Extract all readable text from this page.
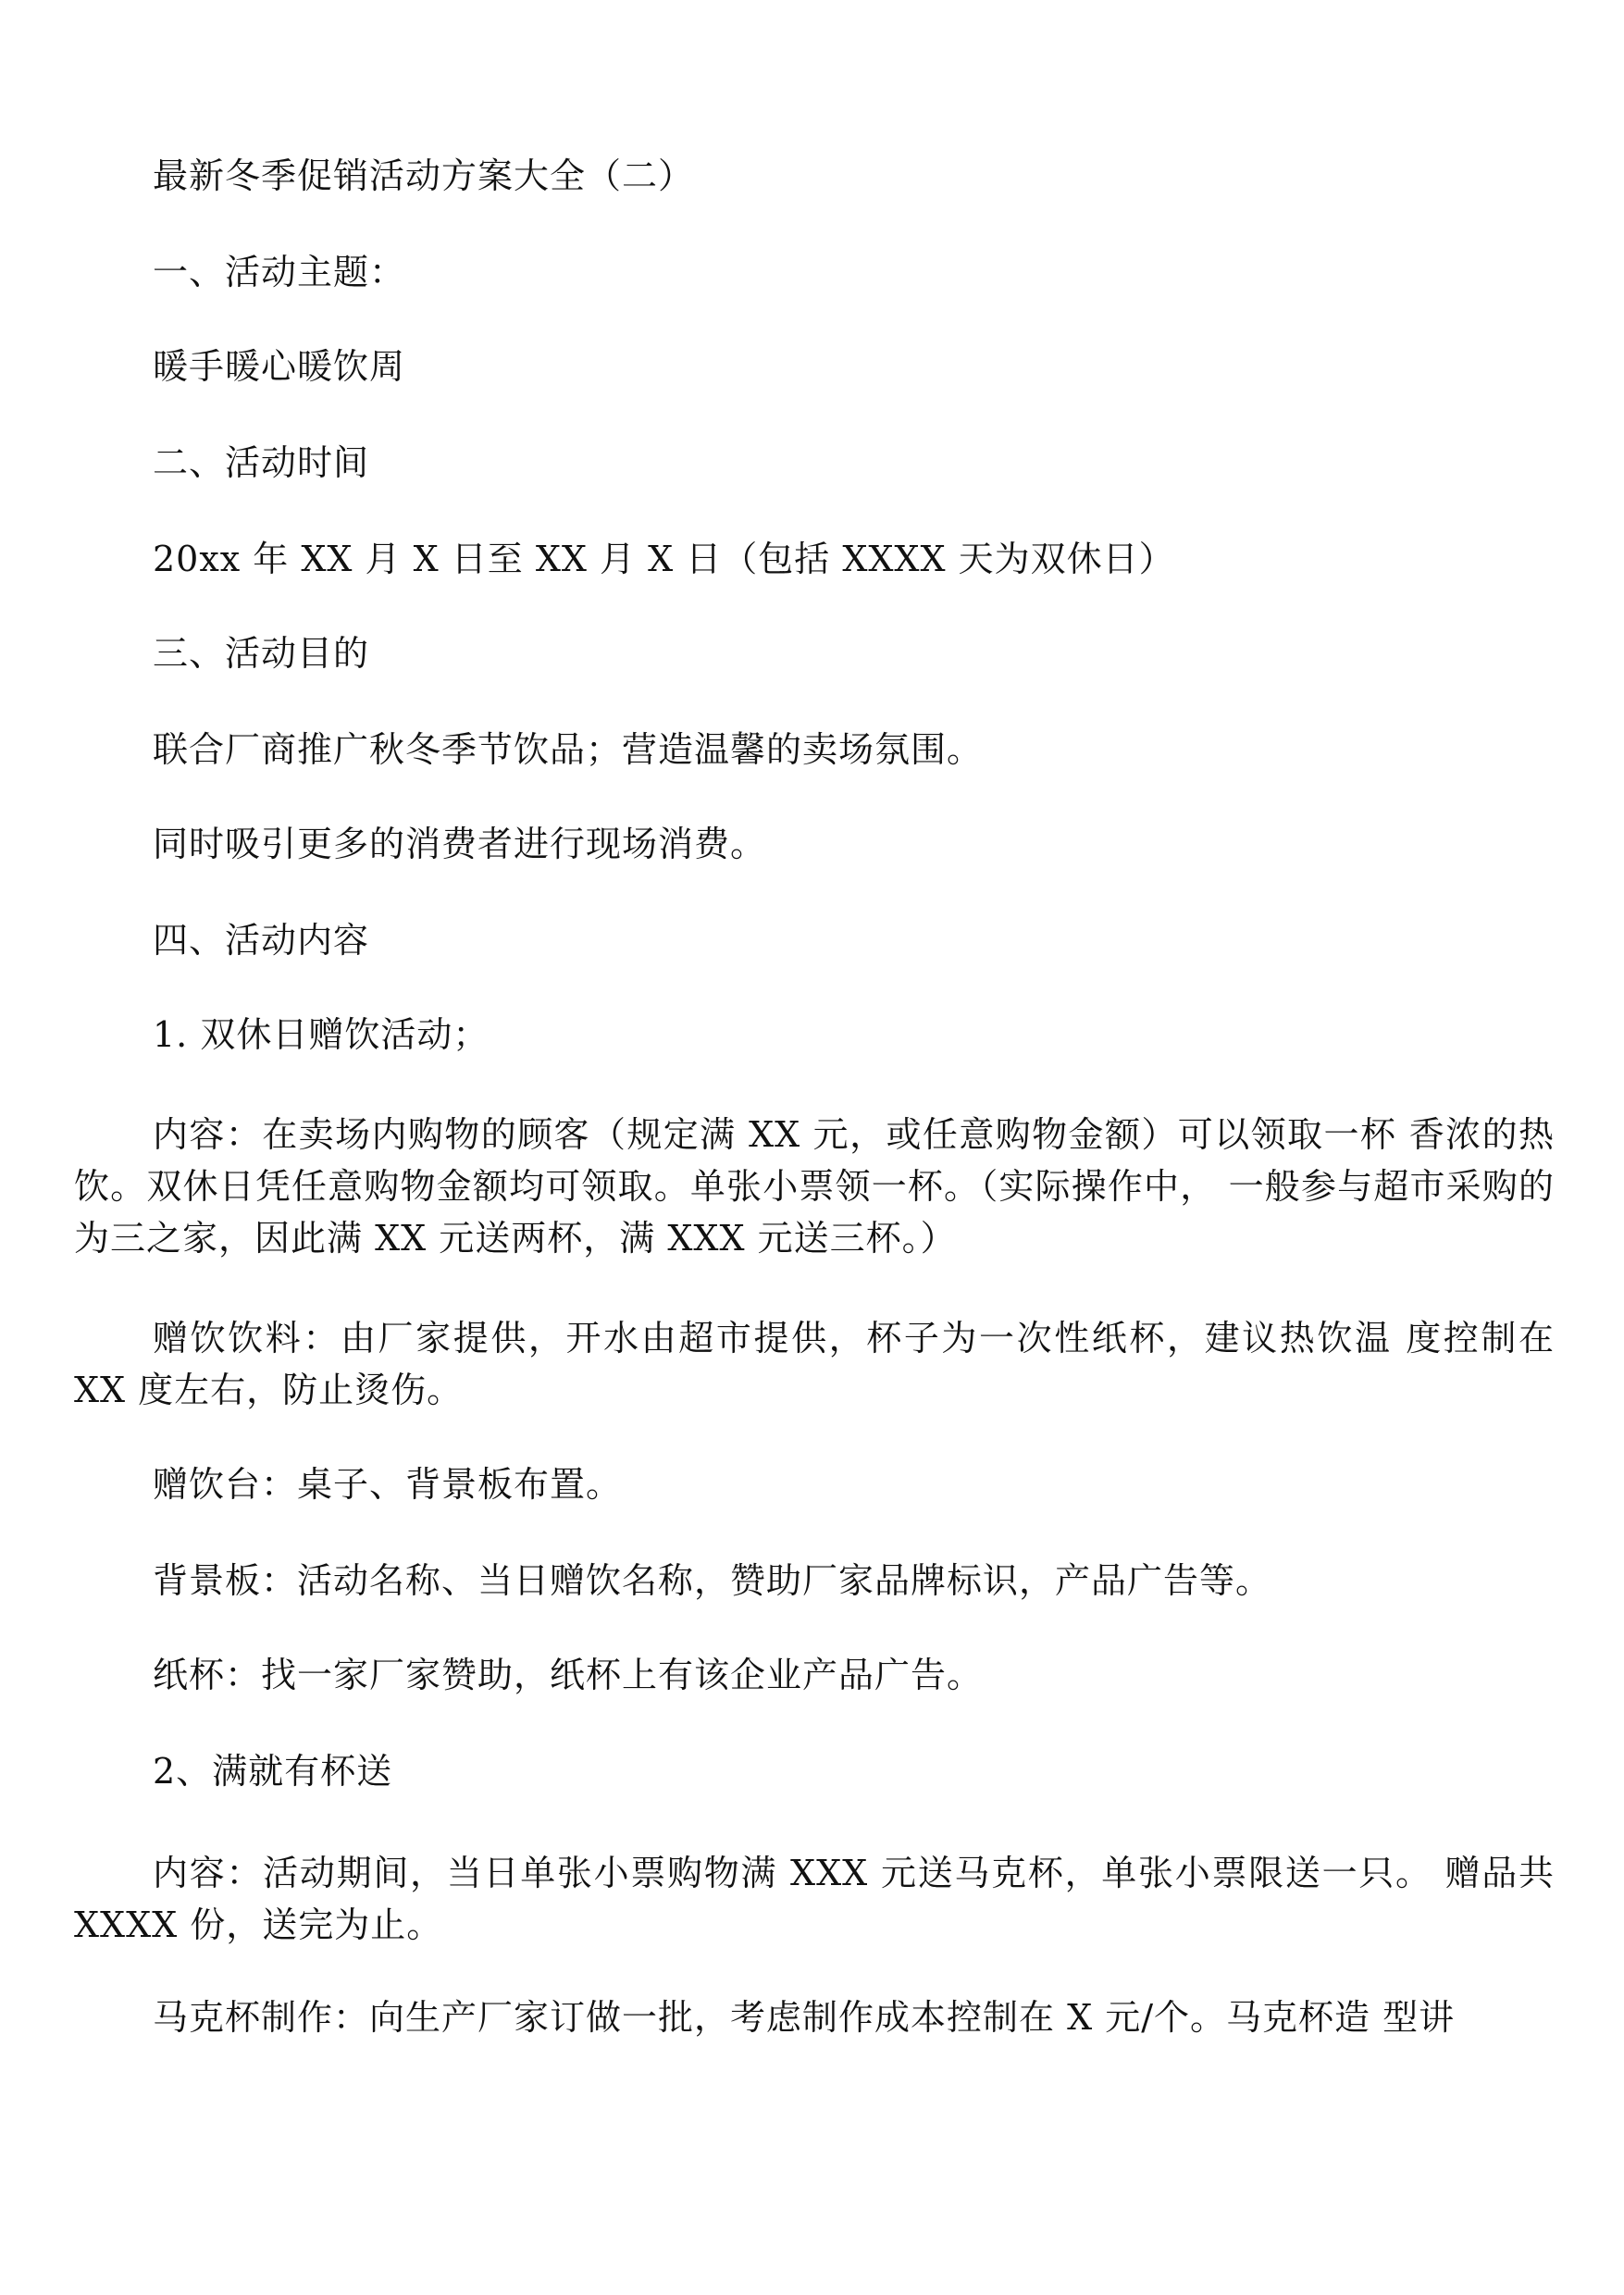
最新冬季促销活动方案大全（二）
一、活动主题：
暖手暖心暖饮周
二、活动时间
20xx 年 XX 月 X 日至 XX 月 X 日（包括 XXXX 天为双休日）
三、活动目的
联合厂商推广秋冬季节饮品；营造温馨的卖场氛围。
同时吸引更多的消费者进行现场消费。
四、活动内容
1. 双休日赠饮活动；
内容：在卖场内购物的顾客（规定满 XX 元，或任意购物金额）可以领取一杯 香浓的热饮。双休日凭任意购物金额均可领取。单张小票领一杯。（实际操作中， 一般参与超市采购的为三之家，因此满 XX 元送两杯，满 XXX 元送三杯。）
赠饮饮料：由厂家提供，开水由超市提供，杯子为一次性纸杯，建议热饮温 度控制在 XX 度左右，防止烫伤。
赠饮台：桌子、背景板布置。
背景板：活动名称、当日赠饮名称，赞助厂家品牌标识，产品广告等。
纸杯：找一家厂家赞助，纸杯上有该企业产品广告。
2、满就有杯送
内容：活动期间，当日单张小票购物满 XXX 元送马克杯，单张小票限送一只。 赠品共 XXXX 份，送完为止。
马克杯制作：向生产厂家订做一批，考虑制作成本控制在 X 元/个。马克杯造 型讲
